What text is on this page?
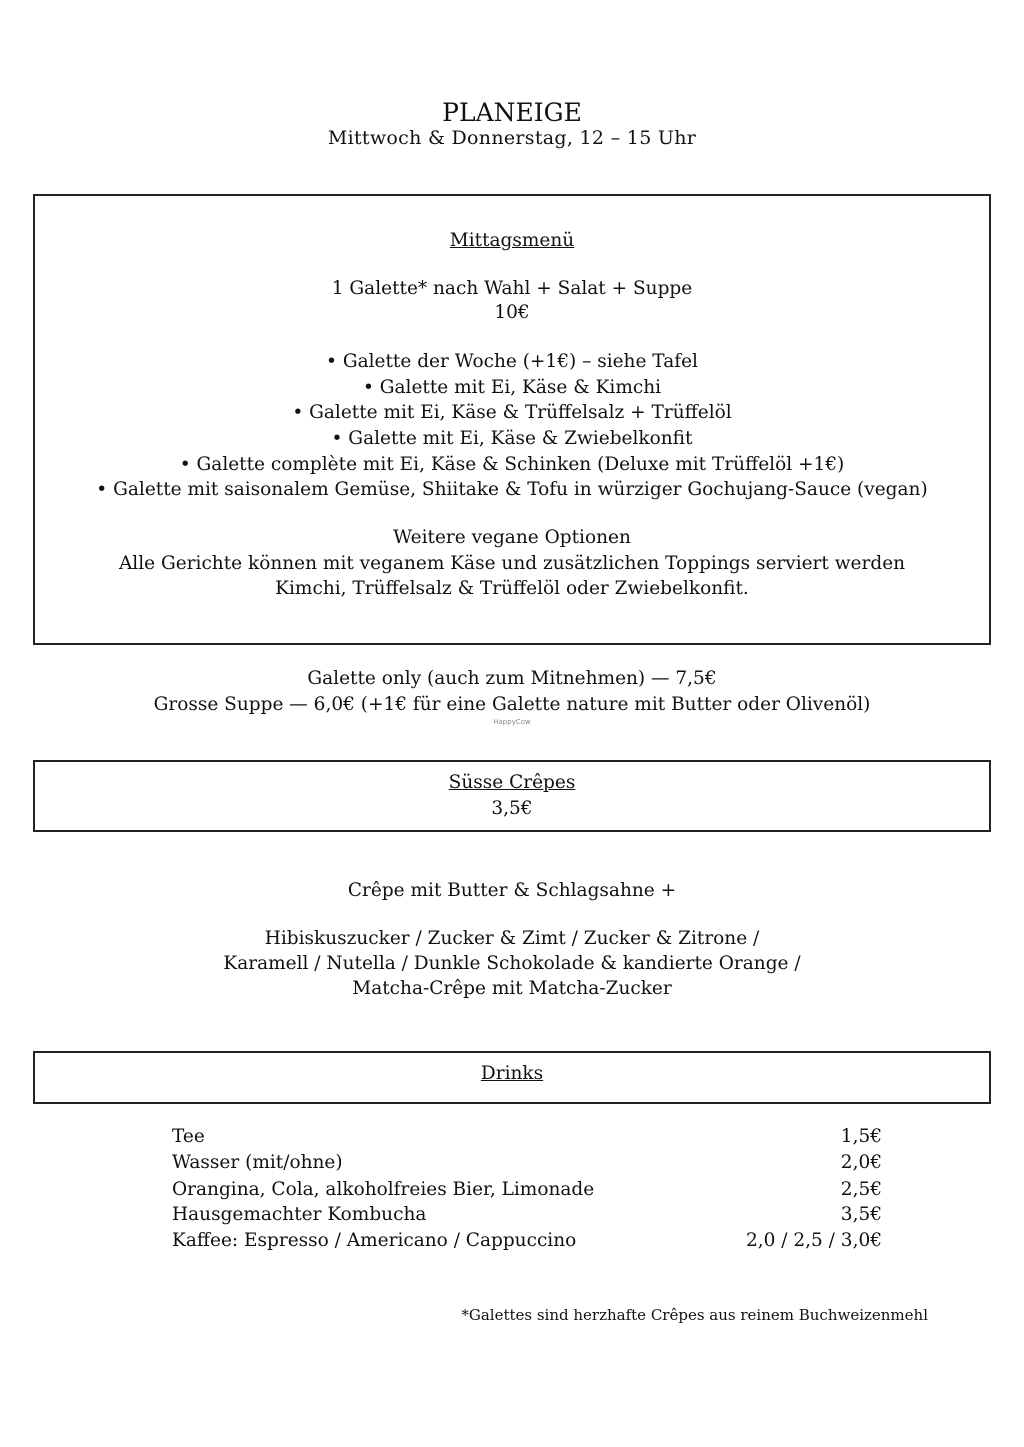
PLANEIGE
Mittwoch & Donnerstag, 12 – 15 Uhr
Mittagsmenü
1 Galette* nach Wahl + Salat + Suppe
10€
• Galette der Woche (+1€) – siehe Tafel
• Galette mit Ei, Käse & Kimchi
• Galette mit Ei, Käse & Trüffelsalz + Trüffelöl
• Galette mit Ei, Käse & Zwiebelkonfit
• Galette complète mit Ei, Käse & Schinken (Deluxe mit Trüffelöl +1€)
• Galette mit saisonalem Gemüse, Shiitake & Tofu in würziger Gochujang-Sauce (vegan)
Weitere vegane Optionen
Alle Gerichte können mit veganem Käse und zusätzlichen Toppings serviert werden
Kimchi, Trüffelsalz & Trüffelöl oder Zwiebelkonfit.
Galette only (auch zum Mitnehmen) — 7,5€
Grosse Suppe — 6,0€ (+1€ für eine Galette nature mit Butter oder Olivenöl)
HappyCow
Süsse Crêpes
3,5€
Crêpe mit Butter & Schlagsahne +
Hibiskuszucker / Zucker & Zimt / Zucker & Zitrone /
Karamell / Nutella / Dunkle Schokolade & kandierte Orange /
Matcha-Crêpe mit Matcha-Zucker
Drinks
Tee	1,5€
Wasser (mit/ohne)	2,0€
Orangina, Cola, alkoholfreies Bier, Limonade	2,5€
Hausgemachter Kombucha	3,5€
Kaffee: Espresso / Americano / Cappuccino	2,0 / 2,5 / 3,0€
*Galettes sind herzhafte Crêpes aus reinem Buchweizenmehl
